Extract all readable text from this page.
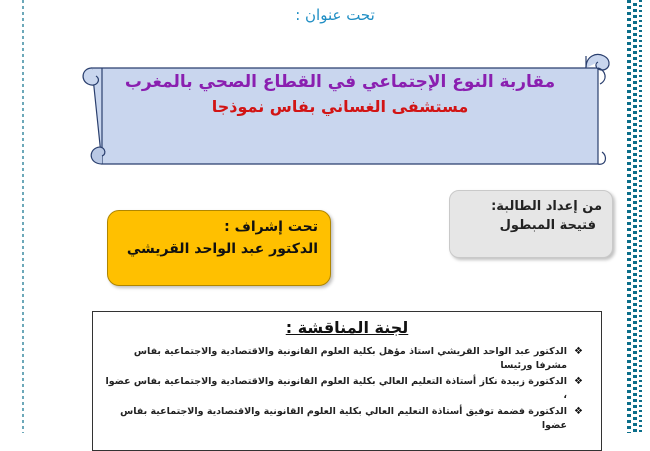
تحت عنوان :
مقاربة النوع الإجتماعي في القطاع الصحي بالمغرب
مستشفى الغساني بفاس نموذجا
من إعداد الطالبة:
فتيحة المبطول
تحت إشراف :
الدكتور عبد الواحد القريشي
لجنة المناقشة :
❖
الدكتور عبد الواحد القريشي استاذ مؤهل بكلية العلوم القانونية والاقتصادية والاجتماعية بفاس مشرفا ورئيسا
❖
الدكتورة زبيدة نكاز أستاذة التعليم العالي بكلية العلوم القانونية والاقتصادية والاجتماعية بفاس عضوا ،
❖
الدكتورة فضمة توفيق أستاذة التعليم العالي بكلية العلوم القانونية والاقتصادية والاجتماعية بفاس عضوا
